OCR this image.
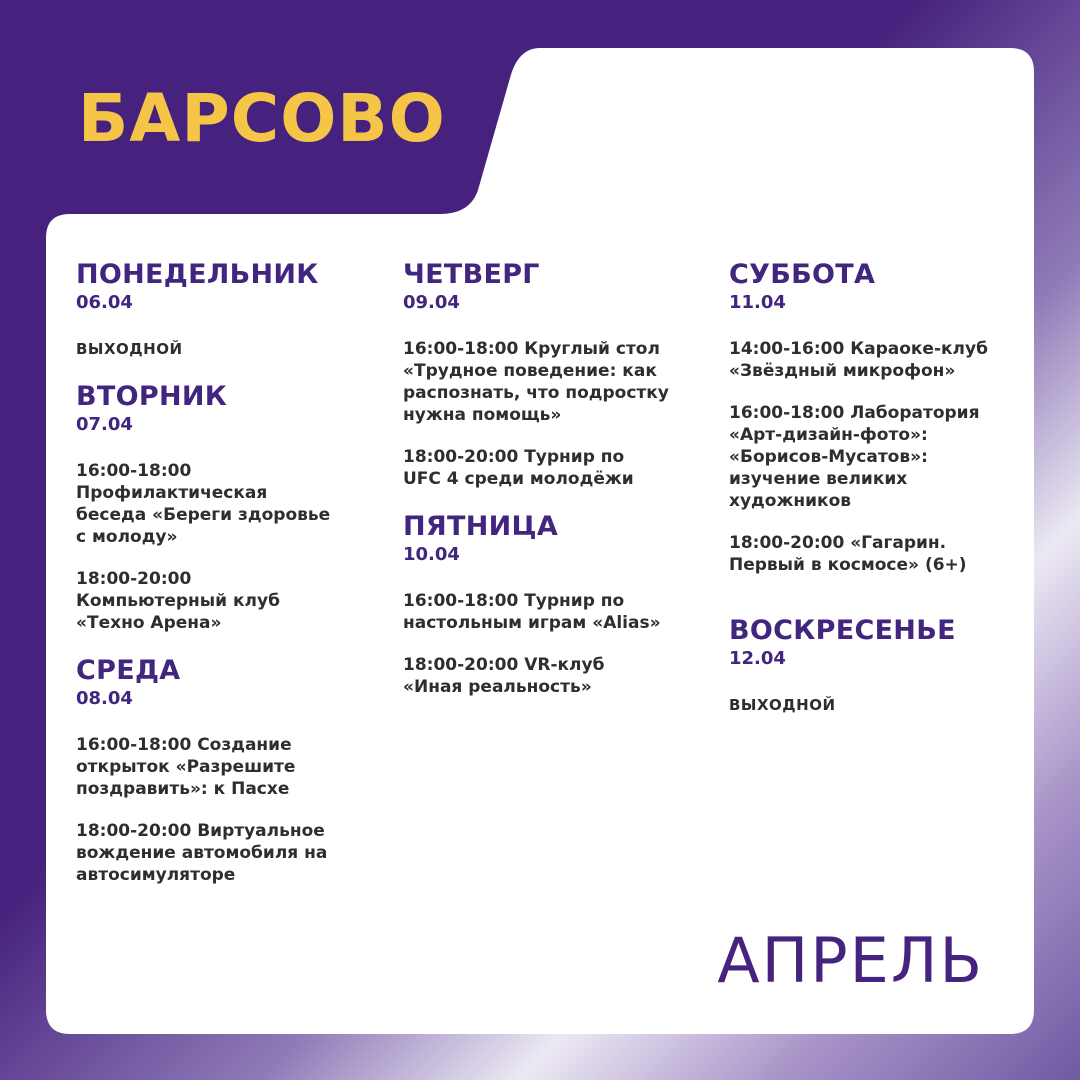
БАРСОВО
ПОНЕДЕЛЬНИК
06.04
ВЫХОДНОЙ
ВТОРНИК
07.04
16:00-18:00
Профилактическая
беседа «Береги здоровье
с молоду»
18:00-20:00
Компьютерный клуб
«Техно Арена»
СРЕДА
08.04
16:00-18:00 Создание
открыток «Разрешите
поздравить»: к Пасхе
18:00-20:00 Виртуальное
вождение автомобиля на
автосимуляторе
ЧЕТВЕРГ
09.04
16:00-18:00 Круглый стол
«Трудное поведение: как
распознать, что подростку
нужна помощь»
18:00-20:00 Турнир по
UFC 4 среди молодёжи
ПЯТНИЦА
10.04
16:00-18:00 Турнир по
настольным играм «Alias»
18:00-20:00 VR-клуб
«Иная реальность»
СУББОТА
11.04
14:00-16:00 Караоке-клуб
«Звёздный микрофон»
16:00-18:00 Лаборатория
«Арт-дизайн-фото»:
«Борисов-Мусатов»:
изучение великих
художников
18:00-20:00 «Гагарин.
Первый в космосе» (6+)
ВОСКРЕСЕНЬЕ
12.04
ВЫХОДНОЙ
АПРЕЛЬ
